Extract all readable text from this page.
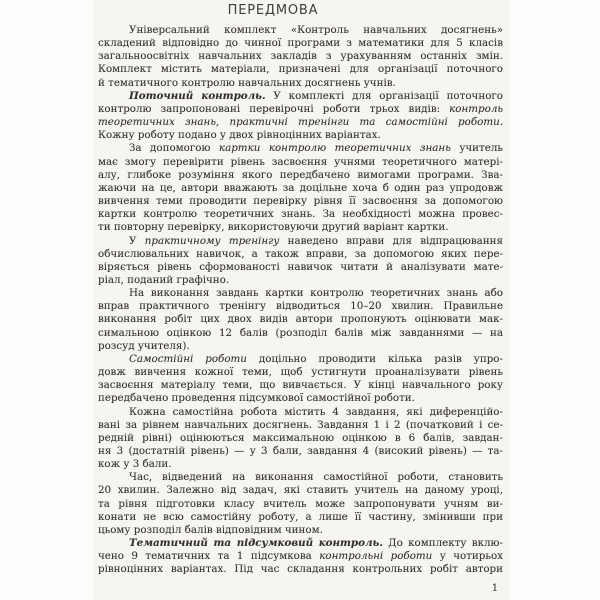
ПЕРЕДМОВА
Універсальний комплект «Контроль навчальних досягнень»
складений відповідно до чинної програми з математики для 5 класів
загальноосвітніх навчальних закладів з урахуванням останніх змін.
Комплект містить матеріали, призначені для організації поточного
й тематичного контролю навчальних досягнень учнів.
Поточний контроль. У комплекті для організації поточного
контролю запропоновані перевірочні роботи трьох видів: контроль
теоретичних знань, практичні тренінги та самостійні роботи.
Кожну роботу подано у двох рівноцінних варіантах.
За допомогою картки контролю теоретичних знань учитель
має змогу перевірити рівень засвоєння учнями теоретичного матері-
алу, глибоке розуміння якого передбачено вимогами програми. Зва-
жаючи на це, автори вважають за доцільне хоча б один раз упродовж
вивчення теми проводити перевірку рівня її засвоєння за допомогою
картки контролю теоретичних знань. За необхідності можна провес-
ти повторну перевірку, використовуючи другий варіант картки.
У практичному тренінгу наведено вправи для відпрацювання
обчислювальних навичок, а також вправи, за допомогою яких пере-
віряється рівень сформованості навичок читати й аналізувати мате-
ріал, поданий графічно.
На виконання завдань картки контролю теоретичних знань або
вправ практичного тренінгу відводиться 10–20 хвилин. Правильне
виконання робіт цих двох видів автори пропонують оцінювати мак-
симальною оцінкою 12 балів (розподіл балів між завданнями — на
розсуд учителя).
Самостійні роботи доцільно проводити кілька разів упро-
довж вивчення кожної теми, щоб устигнути проаналізувати рівень
засвоєння матеріалу теми, що вивчається. У кінці навчального року
передбачено проведення підсумкової самостійної роботи.
Кожна самостійна робота містить 4 завдання, які диференційо-
вані за рівнем навчальних досягнень. Завдання 1 і 2 (початковий і се-
редній рівні) оцінюються максимальною оцінкою в 6 балів, завдан-
ня 3 (достатній рівень) — у 3 бали, завдання 4 (високий рівень) — та-
кож у 3 бали.
Час, відведений на виконання самостійної роботи, становить
20 хвилин. Залежно від задач, які ставить учитель на даному уроці,
та рівня підготовки класу вчитель може запропонувати учням ви-
конати не всю самостійну роботу, а лише її частину, змінивши при
цьому розподіл балів відповідним чином.
Тематичний та підсумковий контроль. До комплекту вклю-
чено 9 тематичних та 1 підсумкова контрольні роботи у чотирьох
рівноцінних варіантах. Під час складання контрольних робіт автори
1
